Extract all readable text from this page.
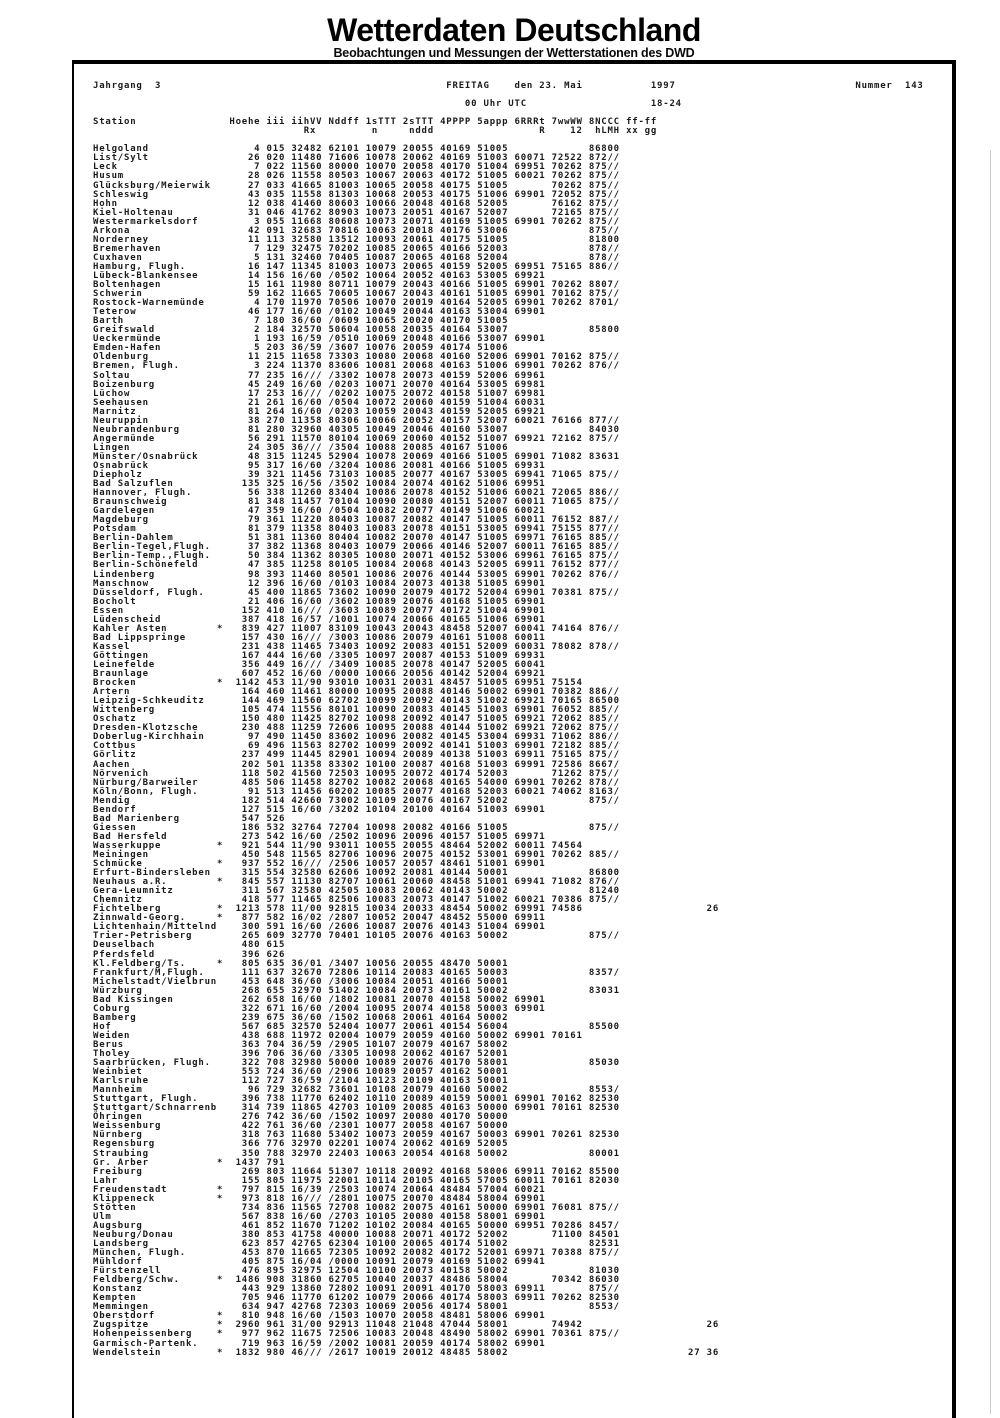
Wetterdaten Deutschland
Beobachtungen und Messungen der Wetterstationen des DWD
Jahrgang  3                                              FREITAG    den 23. Mai           1997                             Nummer  143
00 Uhr UTC                    18-24
Station               Hoehe iii iihVV Nddff 1sTTT 2sTTT 4PPPP 5appp 6RRRt 7wwWW 8NCCC ff-ff
Rx         n     nddd                 R    12  hLMH xx gg
Helgoland                 4 015 32482 62101 10079 20055 40169 51005             86800
List/Sylt                26 020 11480 71606 10078 20062 40169 51003 60071 72522 872//
Leck                      7 022 11560 80000 10070 20058 40170 51004 69951 70262 875//
Husum                    28 026 11558 80503 10067 20063 40172 51005 60021 70262 875//
Glücksburg/Meierwik      27 033 41665 81003 10065 20058 40175 51005       70262 875//
Schleswig                43 035 11558 81303 10068 20053 40175 51006 69901 72052 875//
Hohn                     12 038 41460 80603 10066 20048 40168 52005       76162 875//
Kiel-Holtenau            31 046 41762 80903 10073 20051 40167 52007       72165 875//
Westermarkelsdorf         3 055 11668 80608 10073 20071 40169 51005 69901 70262 875//
Arkona                   42 091 32683 70816 10063 20018 40176 53006             875//
Norderney                11 113 32580 13512 10093 20061 40175 51005             81800
Bremerhaven               7 129 32475 70202 10085 20065 40166 52003             878//
Cuxhaven                  5 131 32460 70405 10087 20065 40168 52004             878//
Hamburg, Flugh.          16 147 11345 81003 10073 20065 40159 52005 69951 75165 886//
Lübeck-Blankensee        14 156 16/60 /0502 10064 20052 40163 53005 69921
Boltenhagen              15 161 11980 80711 10079 20043 40166 51005 69901 70262 8807/
Schwerin                 59 162 11665 70605 10067 20043 40161 51005 69901 70162 875//
Rostock-Warnemünde        4 170 11970 70506 10070 20019 40164 52005 69901 70262 8701/
Teterow                  46 177 16/60 /0102 10049 20044 40163 53004 69901
Barth                     7 180 36/60 /0609 10065 20020 40170 51005
Greifswald                2 184 32570 50604 10058 20035 40164 53007             85800
Ueckermünde               1 193 16/59 /0510 10069 20048 40166 53007 69901
Emden-Hafen               5 203 36/59 /3607 10076 20059 40174 51006
Oldenburg                11 215 11658 73303 10080 20068 40160 52006 69901 70162 875//
Bremen, Flugh.            3 224 11370 83606 10081 20068 40163 51006 69901 70262 876//
Soltau                   77 235 16/// /3302 10078 20073 40159 52006 69961
Boizenburg               45 249 16/60 /0203 10071 20070 40164 53005 69981
Lüchow                   17 253 16/// /0202 10075 20072 40158 51007 69981
Seehausen                21 261 16/60 /0504 10072 20060 40159 51004 60031
Marnitz                  81 264 16/60 /0203 10059 20043 40159 52005 69921
Neuruppin                38 270 11358 80306 10066 20052 40157 52007 60021 76166 877//
Neubrandenburg           81 280 32960 40305 10049 20046 40160 53007             84030
Angermünde               56 291 11570 80104 10069 20060 40152 51007 69921 72162 875//
Lingen                   24 305 36/// /3504 10088 20085 40167 51006
Münster/Osnabrück        48 315 11245 52904 10078 20069 40166 51005 69901 71082 83631
Osnabrück                95 317 16/60 /3204 10086 20081 40166 51005 69931
Diepholz                 39 321 11456 73103 10085 20077 40167 53005 69941 71065 875//
Bad Salzuflen           135 325 16/56 /3502 10084 20074 40162 51006 69951
Hannover, Flugh.         56 338 11260 83404 10086 20078 40152 51006 60021 72065 886//
Braunschweig             81 348 11457 70104 10090 20080 40151 52007 60011 71065 875//
Gardelegen               47 359 16/60 /0504 10082 20077 40149 51006 60021
Magdeburg                79 361 11220 80403 10087 20082 40147 51005 60011 76152 887//
Potsdam                  81 379 11358 80403 10083 20078 40151 53005 69941 75155 877//
Berlin-Dahlem            51 381 11360 80404 10082 20070 40147 51005 69971 76165 885//
Berlin-Tegel,Flugh.      37 382 11368 80403 10079 20066 40146 52007 60011 76165 885//
Berlin-Temp.,Flugh.      50 384 11362 80305 10080 20071 40152 53006 69961 76165 875//
Berlin-Schönefeld        47 385 11258 80105 10084 20068 40143 52005 69911 76152 877//
Lindenberg               98 393 11460 80501 10086 20076 40144 53005 69901 70262 876//
Manschnow                12 396 16/60 /0103 10084 20073 40138 51005 69901
Düsseldorf, Flugh.       45 400 11865 73602 10090 20079 40172 52004 69901 70381 875//
Bocholt                  21 406 16/60 /3602 10089 20076 40168 51005 69901
Essen                   152 410 16/// /3603 10089 20077 40172 51004 69901
Lüdenscheid             387 418 16/57 /1001 10074 20066 40165 51006 69901
Kahler Asten        *   839 427 11007 83109 10043 20043 48458 52007 60041 74164 876//
Bad Lippspringe         157 430 16/// /3003 10086 20079 40161 51008 60011
Kassel                  231 438 11465 73403 10092 20083 40151 52009 60031 78082 878//
Göttingen               167 444 16/60 /3305 10097 20087 40153 51009 69931
Leinefelde              356 449 16/// /3409 10085 20078 40147 52005 60041
Braunlage               607 452 16/60 /0000 10066 20056 40142 52004 69921
Brocken             *  1142 453 11/90 93010 10031 20031 48457 51005 69951 75154
Artern                  164 460 11461 80000 10095 20088 40146 50002 69901 70382 886//
Leipzig-Schkeuditz      144 469 11560 62702 10099 20092 40143 51002 69921 70165 86500
Wittenberg              105 474 11556 80101 10090 20083 40145 51003 69901 76052 885//
Oschatz                 150 480 11425 82702 10098 20092 40147 51005 69921 72062 885//
Dresden-Klotzsche       230 488 11259 72606 10095 20088 40144 51002 69921 72062 875//
Doberlug-Kirchhain       97 490 11450 83602 10096 20082 40145 53004 69931 71062 886//
Cottbus                  69 496 11563 82702 10099 20092 40141 51003 69901 72182 885//
Görlitz                 237 499 11445 82901 10094 20089 40138 51003 69911 75165 875//
Aachen                  202 501 11358 83302 10100 20087 40168 51003 69991 72586 8667/
Nörvenich               118 502 41560 72503 10095 20072 40174 52003       71262 875//
Nürburg/Barweiler       485 506 11458 82702 10082 20068 40165 54000 69901 70262 878//
Köln/Bonn, Flugh.        91 513 11456 60202 10085 20077 40168 52003 60021 74062 8163/
Mendig                  182 514 42660 73002 10109 20076 40167 52002             875//
Bendorf                 127 515 16/60 /3202 10104 20100 40164 51003 69901
Bad Marienberg          547 526
Giessen                 186 532 32764 72704 10098 20082 40166 51005             875//
Bad Hersfeld            273 542 16/60 /2502 10096 20096 40157 51005 69971
Wasserkuppe         *   921 544 11/90 93011 10055 20055 48464 52002 60011 74564
Meiningen               450 548 11565 82706 10096 20075 40152 53001 69901 70262 885//
Schmücke            *   937 552 16/// /2506 10057 20057 48461 51001 69901
Erfurt-Bindersleben     315 554 32580 62606 10092 20081 40144 50001             86800
Neuhaus a.R.        *   845 557 11130 82707 10061 20060 48458 51001 69941 71082 876//
Gera-Leumnitz           311 567 32580 42505 10083 20062 40143 50002             81240
Chemnitz                418 577 11465 82506 10083 20073 40147 51002 60021 70386 875//
Fichtelberg         *  1213 578 11/00 92815 10034 20033 48454 50002 69991 74586                    26
Zinnwald-Georg.     *   877 582 16/02 /2807 10052 20047 48452 55000 69911
Lichtenhain/Mittelnd    300 591 16/60 /2606 10087 20076 40143 51004 69901
Trier-Petrisberg        265 609 32770 70401 10105 20076 40163 50002             875//
Deuselbach              480 615
Pferdsfeld              396 626
Kl.Feldberg/Ts.     *   805 635 36/01 /3407 10056 20055 48470 50001
Frankfurt/M,Flugh.      111 637 32670 72806 10114 20083 40165 50003             8357/
Michelstadt/Vielbrun    453 648 36/60 /3006 10084 20051 40166 50001
Würzburg                268 655 32970 51402 10084 20073 40161 50002             83031
Bad Kissingen           262 658 16/60 /1802 10081 20070 40158 50002 69901
Coburg                  322 671 16/60 /2004 10095 20074 40158 50003 69901
Bamberg                 239 675 36/60 /1502 10068 20061 40164 50002
Hof                     567 685 32570 52404 10077 20061 40154 56004             85500
Weiden                  438 688 11972 02004 10079 20059 40160 50002 69901 70161
Berus                   363 704 36/59 /2905 10107 20079 40167 58002
Tholey                  396 706 36/60 /3305 10098 20062 40167 52001
Saarbrücken, Flugh.     322 708 32980 50000 10089 20076 40170 58001             85030
Weinbiet                553 724 36/60 /2906 10089 20057 40162 50001
Karlsruhe               112 727 36/59 /2104 10123 20109 40163 50001
Mannheim                 96 729 32682 73601 10108 20079 40160 50002             8553/
Stuttgart, Flugh.       396 738 11770 62402 10110 20089 40159 50001 69901 70162 82530
Stuttgart/Schnarrenb    314 739 11865 42703 10109 20085 40163 50000 69901 70161 82530
Öhringen                276 742 36/60 /1502 10097 20080 40170 50000
Weissenburg             422 761 36/60 /2301 10077 20058 40167 50000
Nürnberg                318 763 11680 53402 10073 20059 40167 50003 69901 70261 82530
Regensburg              366 776 32970 02201 10074 20062 40169 52005
Straubing               350 788 32970 22403 10063 20054 40168 50002             80001
Gr. Arber           *  1437 791
Freiburg                269 803 11664 51307 10118 20092 40168 58006 69911 70162 85500
Lahr                    155 805 11975 22001 10114 20105 40165 57005 60011 70161 82030
Freudenstadt        *   797 815 16/39 /2503 10074 20064 48484 57004 60021
Klippeneck          *   973 818 16/// /2801 10075 20070 48484 58004 69901
Stötten                 734 836 11565 72708 10082 20075 40161 50000 69901 76081 875//
Ulm                     567 838 16/60 /2703 10105 20080 40158 58001 69901
Augsburg                461 852 11670 71202 10102 20084 40165 50000 69951 70286 8457/
Neuburg/Donau           380 853 41758 40000 10088 20071 40172 52002       71100 84501
Landsberg               623 857 42765 62304 10100 20065 40174 51002             82531
München, Flugh.         453 870 11665 72305 10092 20082 40172 52001 69971 70388 875//
Mühldorf                405 875 16/04 /0000 10091 20079 40169 51002 69941
Fürstenzell             476 895 32975 12504 10100 20073 40158 50002             81030
Feldberg/Schw.      *  1486 908 31860 62705 10040 20037 48486 58004       70342 86030
Konstanz                443 929 13860 72802 10091 20091 40170 58003 69911       875//
Kempten                 705 946 11770 61202 10079 20066 40174 58003 69911 70262 82530
Memmingen               634 947 42768 72303 10069 20056 40174 58001             8553/
Oberstdorf          *   810 948 16/60 /1503 10070 20058 48481 58006 69901
Zugspitze           *  2960 961 31/00 92913 11048 21048 47044 58001       74942                    26
Hohenpeissenberg    *   977 962 11675 72506 10083 20048 48490 58002 69901 70361 875//
Garmisch-Partenk.       719 963 16/59 /2002 10081 20059 40174 58002 69901
Wendelstein         *  1832 980 46/// /2617 10019 20012 48485 58002                             27 36
